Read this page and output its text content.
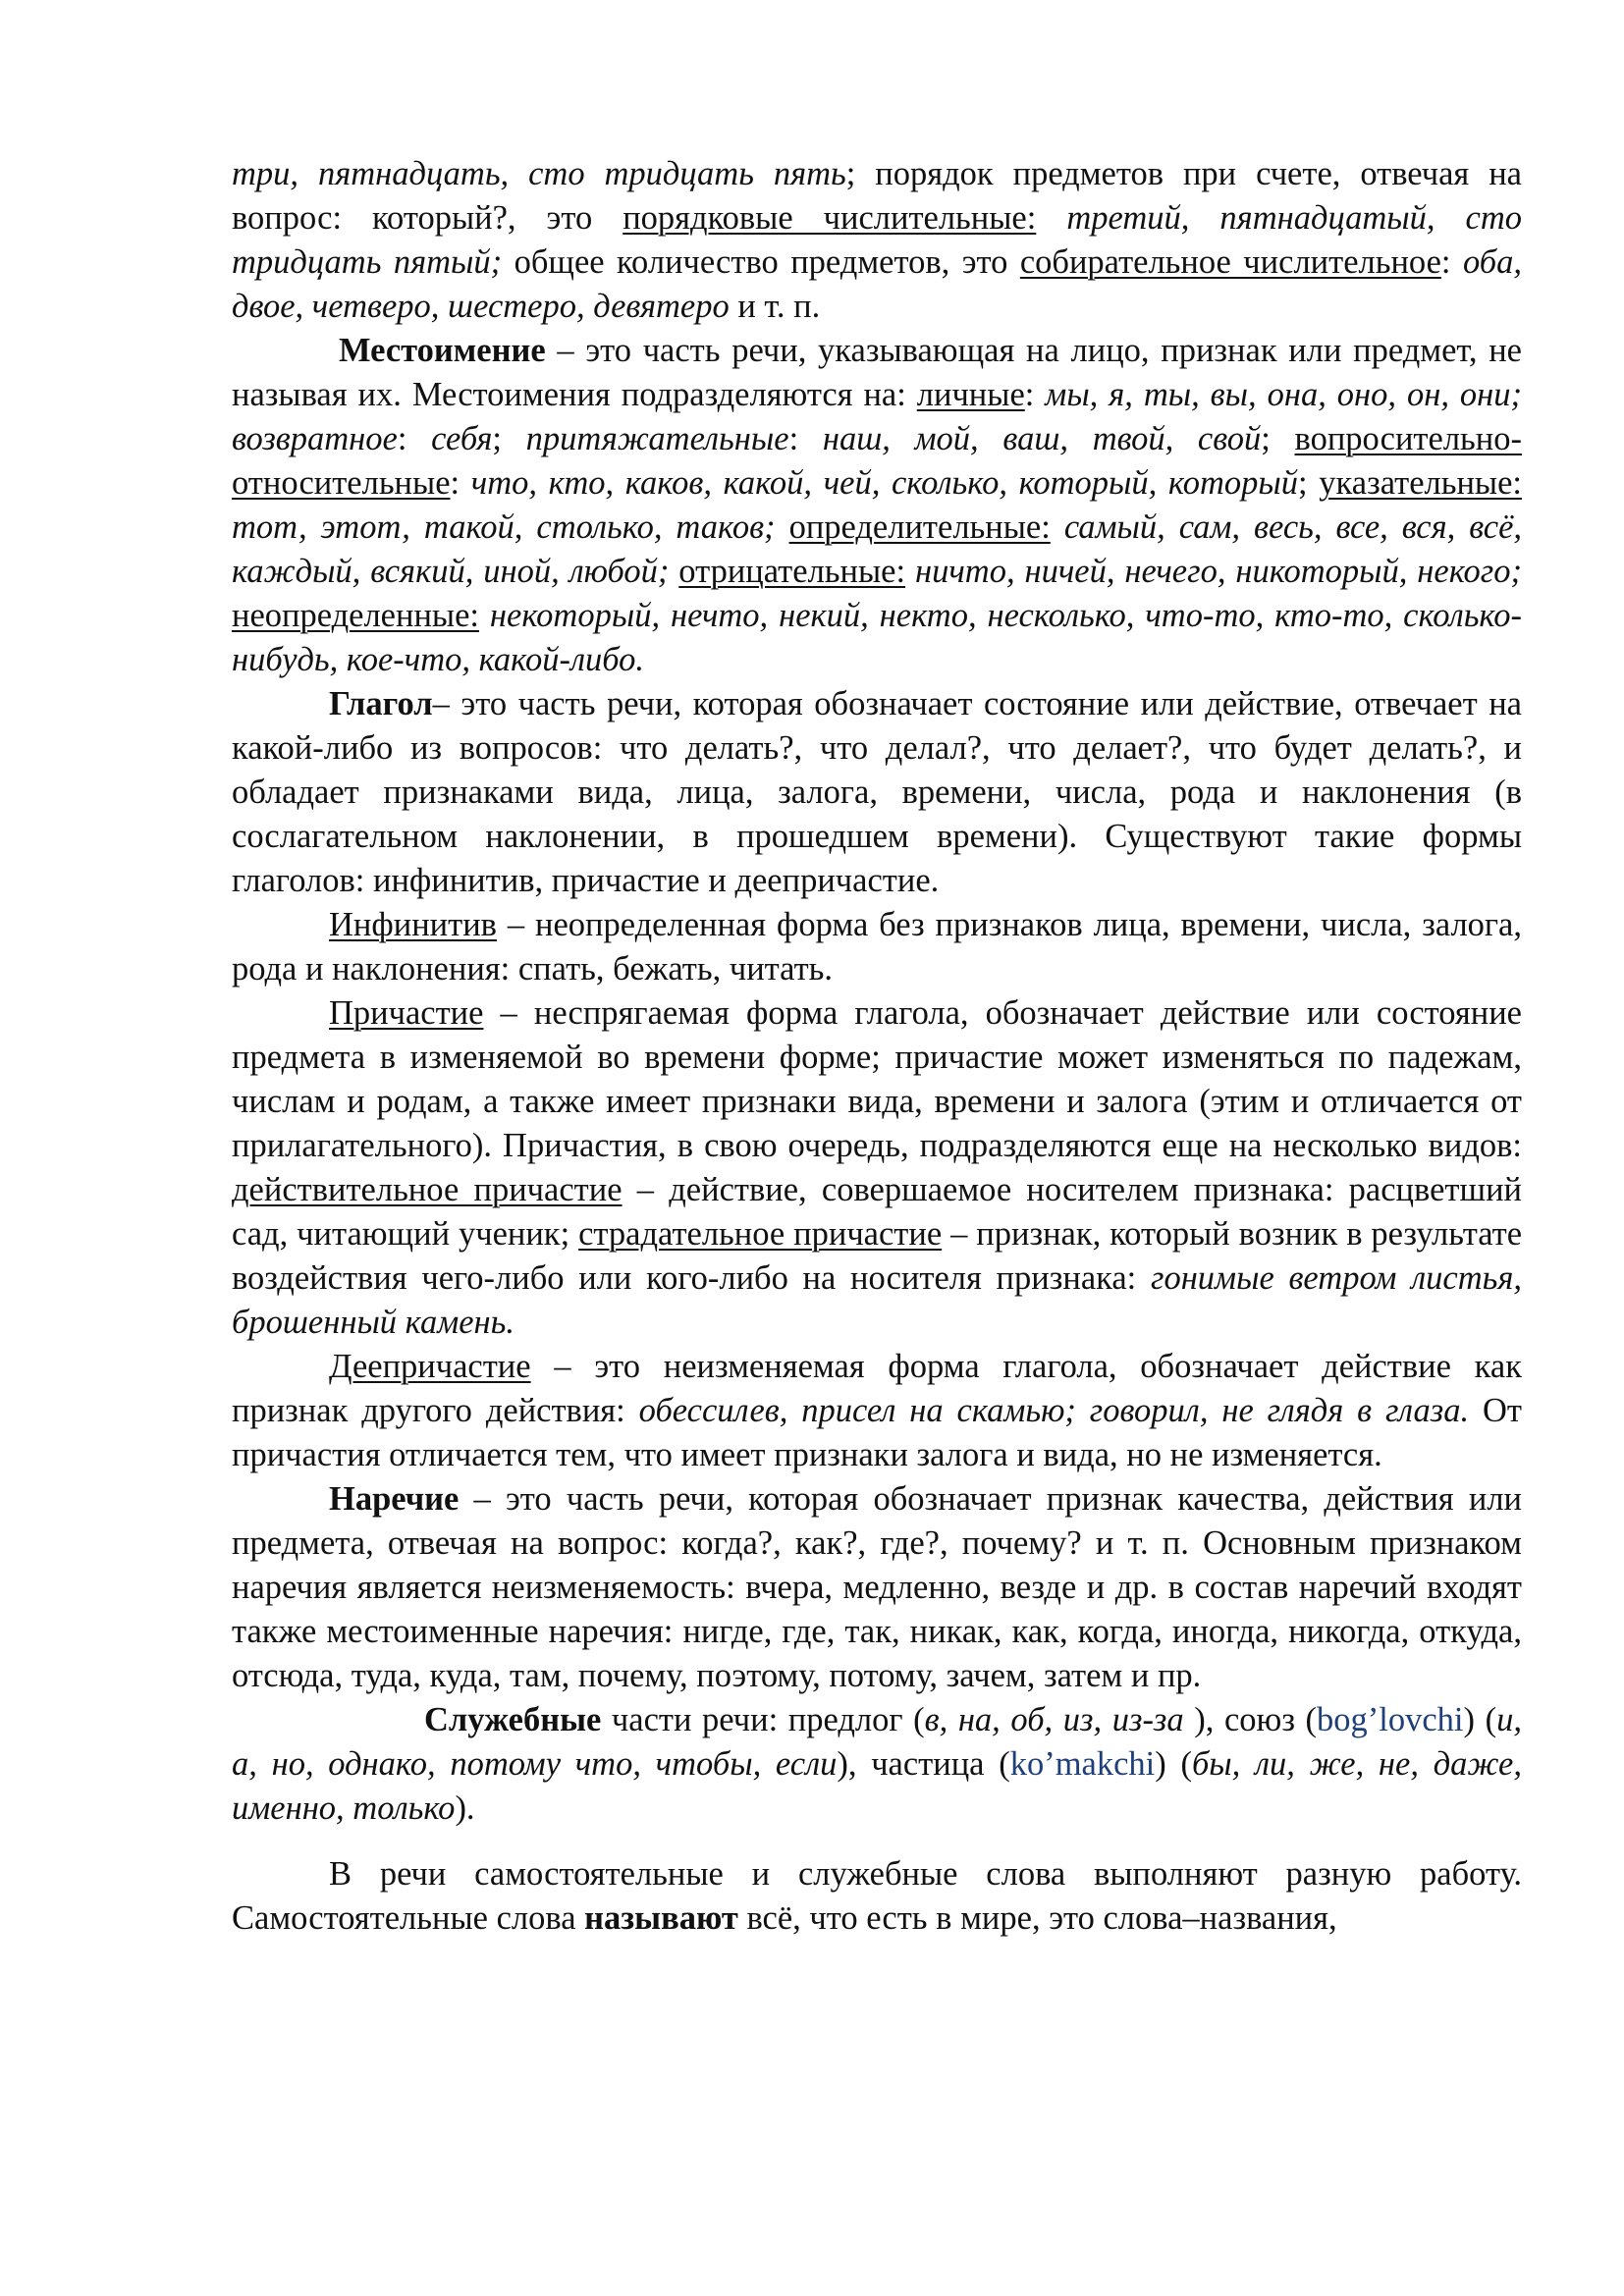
три, пятнадцать, сто тридцать пять; порядок предметов при счете, отвечая на вопрос: который?, это порядковые числительные: третий, пятнадцатый, сто тридцать пятый; общее количество предметов, это собирательное числительное: оба, двое, четверо, шестеро, девятеро и т. п.

Местоимение – это часть речи, указывающая на лицо, признак или предмет, не называя их. Местоимения подразделяются на: личные: мы, я, ты, вы, она, оно, он, они; возвратное: себя; притяжательные: наш, мой, ваш, твой, свой; вопросительно-относительные: что, кто, каков, какой, чей, сколько, который, который; указательные: тот, этот, такой, столько, таков; определительные: самый, сам, весь, все, вся, всё, каждый, всякий, иной, любой; отрицательные: ничто, ничей, нечего, никоторый, некого; неопределенные: некоторый, нечто, некий, некто, несколько, что-то, кто-то, сколько-нибудь, кое-что, какой-либо.

Глагол– это часть речи, которая обозначает состояние или действие, отвечает на какой-либо из вопросов: что делать?, что делал?, что делает?, что будет делать?, и обладает признаками вида, лица, залога, времени, числа, рода и наклонения (в сослагательном наклонении, в прошедшем времени). Существуют такие формы глаголов: инфинитив, причастие и деепричастие.

Инфинитив – неопределенная форма без признаков лица, времени, числа, залога, рода и наклонения: спать, бежать, читать.

Причастие – неспрягаемая форма глагола, обозначает действие или состояние предмета в изменяемой во времени форме; причастие может изменяться по падежам, числам и родам, а также имеет признаки вида, времени и залога (этим и отличается от прилагательного). Причастия, в свою очередь, подразделяются еще на несколько видов: действительное причастие – действие, совершаемое носителем признака: расцветший сад, читающий ученик; страдательное причастие – признак, который возник в результате воздействия чего-либо или кого-либо на носителя признака: гонимые ветром листья, брошенный камень.

Деепричастие – это неизменяемая форма глагола, обозначает действие как признак другого действия: обессилев, присел на скамью; говорил, не глядя в глаза. От причастия отличается тем, что имеет признаки залога и вида, но не изменяется.

Наречие – это часть речи, которая обозначает признак качества, действия или предмета, отвечая на вопрос: когда?, как?, где?, почему? и т. п. Основным признаком наречия является неизменяемость: вчера, медленно, везде и др. в состав наречий входят также местоименные наречия: нигде, где, так, никак, как, когда, иногда, никогда, откуда, отсюда, туда, куда, там, почему, поэтому, потому, зачем, затем и пр.

Служебные части речи: предлог (в, на, об, из, из-за ), союз (bog’lovchi) (и, а, но, однако, потому что, чтобы, если), частица (ko’makchi) (бы, ли, же, не, даже, именно, только).

В речи самостоятельные и служебные слова выполняют разную работу. Самостоятельные слова называют всё, что есть в мире, это слова–названия,
